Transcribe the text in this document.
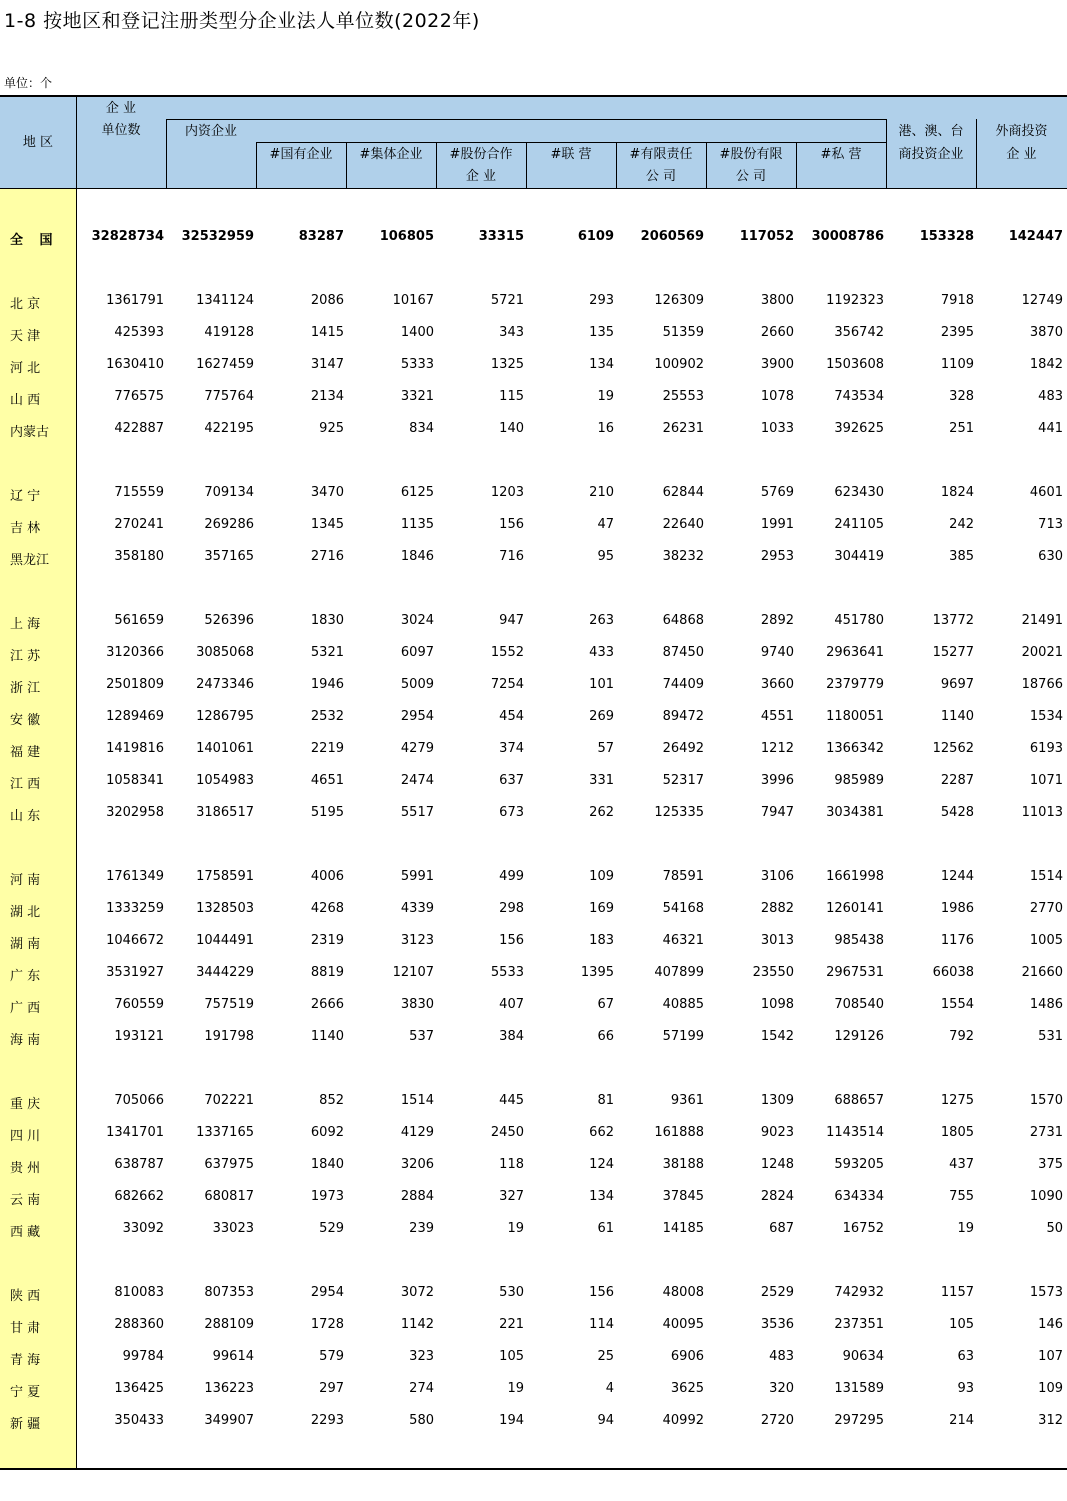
1-8 按地区和登记注册类型分企业法人单位数(2022年)
单位：个
地 区
企 业
单位数	内资企业
#国有企业	#集体企业	#股份合作
企 业
#联 营	#有限责任
公 司
#股份有限
公 司
#私 营
港、澳、台
商投资企业
外商投资
企 业
全 国	32828734	32532959	83287	106805	33315	6109	2060569	117052	30008786	153328	142447
北 京	1361791	1341124	2086	10167	5721	293	126309	3800	1192323	7918	12749
天 津	425393	419128	1415	1400	343	135	51359	2660	356742	2395	3870
河 北	1630410	1627459	3147	5333	1325	134	100902	3900	1503608	1109	1842
山 西	776575	775764	2134	3321	115	19	25553	1078	743534	328	483
内蒙古	422887	422195	925	834	140	16	26231	1033	392625	251	441
辽 宁	715559	709134	3470	6125	1203	210	62844	5769	623430	1824	4601
吉 林	270241	269286	1345	1135	156	47	22640	1991	241105	242	713
黑龙江	358180	357165	2716	1846	716	95	38232	2953	304419	385	630
上 海	561659	526396	1830	3024	947	263	64868	2892	451780	13772	21491
江 苏	3120366	3085068	5321	6097	1552	433	87450	9740	2963641	15277	20021
浙 江	2501809	2473346	1946	5009	7254	101	74409	3660	2379779	9697	18766
安 徽	1289469	1286795	2532	2954	454	269	89472	4551	1180051	1140	1534
福 建	1419816	1401061	2219	4279	374	57	26492	1212	1366342	12562	6193
江 西	1058341	1054983	4651	2474	637	331	52317	3996	985989	2287	1071
山 东	3202958	3186517	5195	5517	673	262	125335	7947	3034381	5428	11013
河 南	1761349	1758591	4006	5991	499	109	78591	3106	1661998	1244	1514
湖 北	1333259	1328503	4268	4339	298	169	54168	2882	1260141	1986	2770
湖 南	1046672	1044491	2319	3123	156	183	46321	3013	985438	1176	1005
广 东	3531927	3444229	8819	12107	5533	1395	407899	23550	2967531	66038	21660
广 西	760559	757519	2666	3830	407	67	40885	1098	708540	1554	1486
海 南	193121	191798	1140	537	384	66	57199	1542	129126	792	531
重 庆	705066	702221	852	1514	445	81	9361	1309	688657	1275	1570
四 川	1341701	1337165	6092	4129	2450	662	161888	9023	1143514	1805	2731
贵 州	638787	637975	1840	3206	118	124	38188	1248	593205	437	375
云 南	682662	680817	1973	2884	327	134	37845	2824	634334	755	1090
西 藏	33092	33023	529	239	19	61	14185	687	16752	19	50
陕 西	810083	807353	2954	3072	530	156	48008	2529	742932	1157	1573
甘 肃	288360	288109	1728	1142	221	114	40095	3536	237351	105	146
青 海	99784	99614	579	323	105	25	6906	483	90634	63	107
宁 夏	136425	136223	297	274	19	4	3625	320	131589	93	109
新 疆	350433	349907	2293	580	194	94	40992	2720	297295	214	312
